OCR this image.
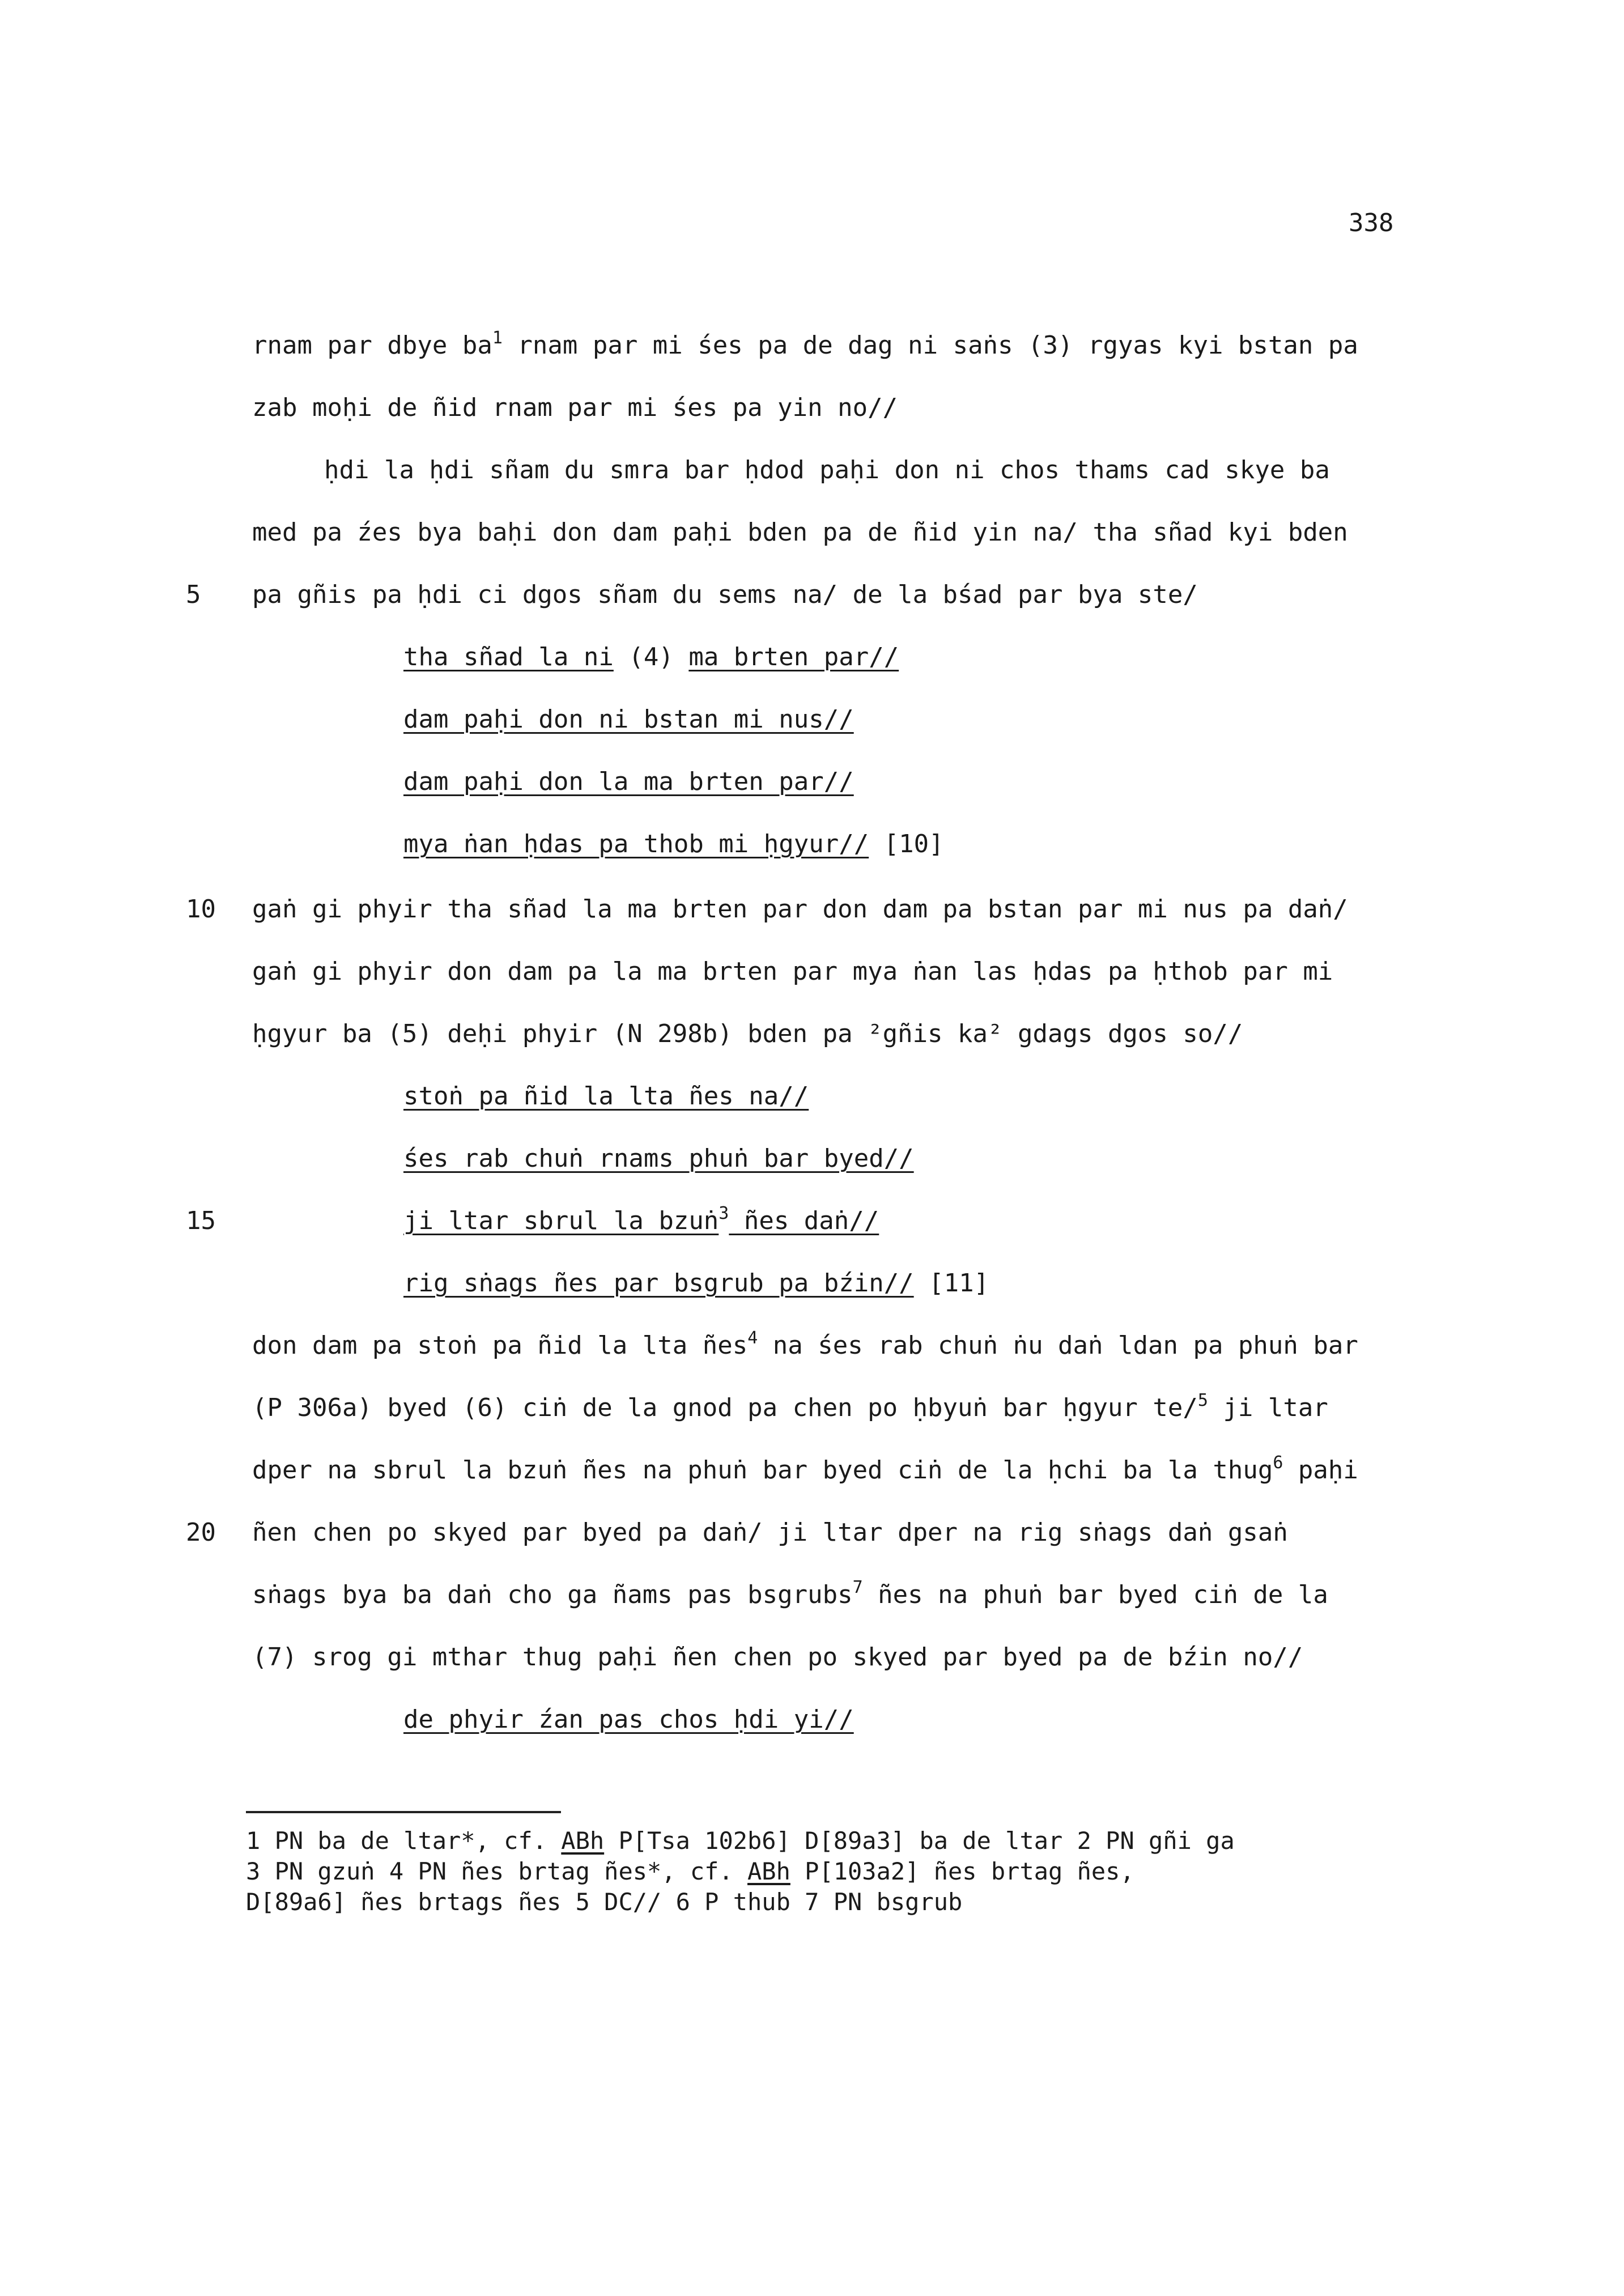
338
rnam par dbye $ba^1$ rnam par mi śes pa de dag ni saṅs (3) rgyas kyi bstan pa
zab moḥi de ñid rnam par mi śes pa yin no//
ḥdi la ḥdi sñam du smra bar ḥdod paḥi don ni chos thams cad skye ba
med pa źes bya baḥi don dam paḥi bden pa de ñid yin na/ tha sñad kyi bden
5 pa gñis pa ḥdi ci dgos sñam du sems na/ de la bśad par bya ste/
tha sñad la ni (4) ma brten par//
dam paḥi don ni bstan mi nus//
dam paḥi don la ma brten par//
mya ṅan ḥdas pa thob mi ḥgyur// [10]
10 gaṅ gi phyir tha sñad la ma brten par don dam pa bstan par mi nus pa daṅ/
gaṅ gi phyir don dam pa la ma brten par mya ṅan las ḥdas pa ḥthob par mi
ḥgyur ba (5) deḥi phyir (N 298b) bden pa ²gñis ka² gdags dgos so//
stoṅ pa ñid la lta ñes na//
śes rab chuṅ rnams phuṅ bar byed//
15	ji ltar sbrul la bzuṅ$^3$ ñes daṅ//
rig sṅags ñes par bsgrub pa bźin// [11]
don dam pa stoṅ pa ñid la lta ñes$^4$ na śes rab chuṅ ṅu daṅ ldan pa phuṅ bar
(P 306a) byed (6) ciṅ de la gnod pa chen po ḥbyuṅ bar ḥgyur te/$^5$ ji ltar
dper na sbrul la bzuṅ ñes na phuṅ bar byed ciṅ de la ḥchi ba la thug$^6$ paḥi
20 ñen chen po skyed par byed pa daṅ/ ji ltar dper na rig sṅags daṅ gsaṅ
sṅags bya ba daṅ cho ga ñams pas bsgrubs$^7$ ñes na phuṅ bar byed ciṅ de la
(7) srog gi mthar thug paḥi ñen chen po skyed par byed pa de bźin no//
de phyir źan pas chos ḥdi yi//
1 PN ba de ltar*, cf. ABh P[Tsa 102b6] D[89a3] ba de ltar 2 PN gñi ga
3 PN gzuṅ 4 PN ñes brtag ñes*, cf. ABh P[103a2] ñes brtag ñes,
D[89a6] ñes brtags ñes 5 DC// 6 P thub 7 PN bsgrub
